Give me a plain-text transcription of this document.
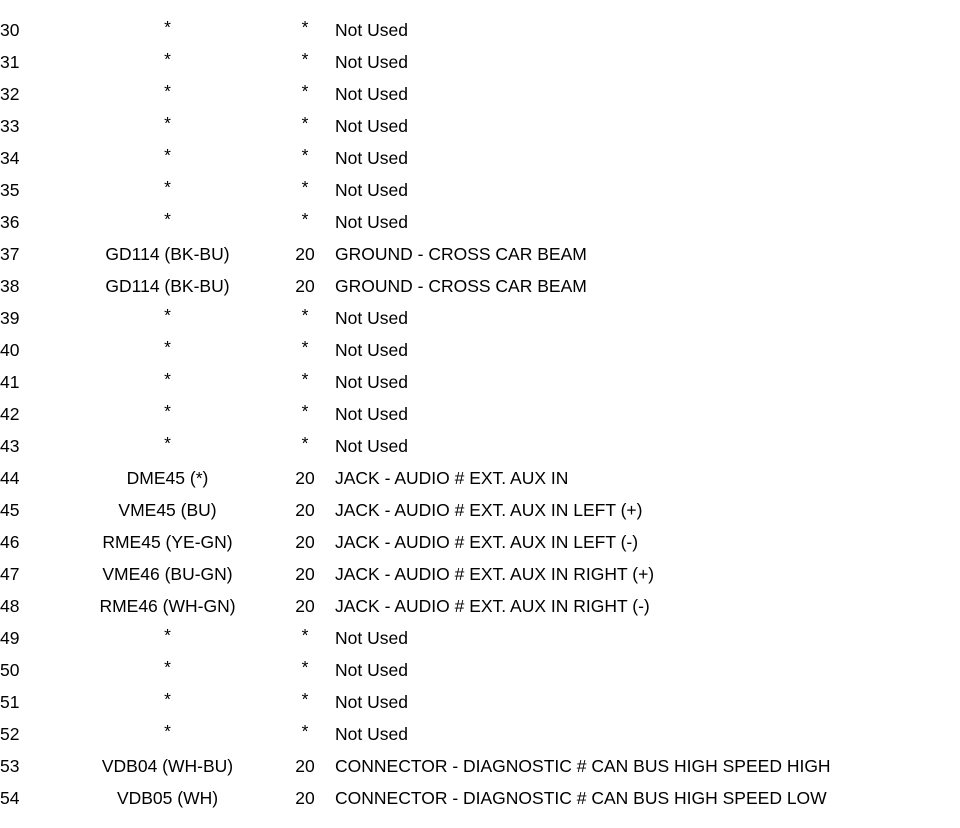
30	*	*	Not Used
31	*	*	Not Used
32	*	*	Not Used
33	*	*	Not Used
34	*	*	Not Used
35	*	*	Not Used
36	*	*	Not Used
37	GD114 (BK-BU)	20	GROUND - CROSS CAR BEAM
38	GD114 (BK-BU)	20	GROUND - CROSS CAR BEAM
39	*	*	Not Used
40	*	*	Not Used
41	*	*	Not Used
42	*	*	Not Used
43	*	*	Not Used
44	DME45 (*)	20	JACK - AUDIO # EXT. AUX IN
45	VME45 (BU)	20	JACK - AUDIO # EXT. AUX IN LEFT (+)
46	RME45 (YE-GN)	20	JACK - AUDIO # EXT. AUX IN LEFT (-)
47	VME46 (BU-GN)	20	JACK - AUDIO # EXT. AUX IN RIGHT (+)
48	RME46 (WH-GN)	20	JACK - AUDIO # EXT. AUX IN RIGHT (-)
49	*	*	Not Used
50	*	*	Not Used
51	*	*	Not Used
52	*	*	Not Used
53	VDB04 (WH-BU)	20	CONNECTOR - DIAGNOSTIC # CAN BUS HIGH SPEED HIGH
54	VDB05 (WH)	20	CONNECTOR - DIAGNOSTIC # CAN BUS HIGH SPEED LOW
